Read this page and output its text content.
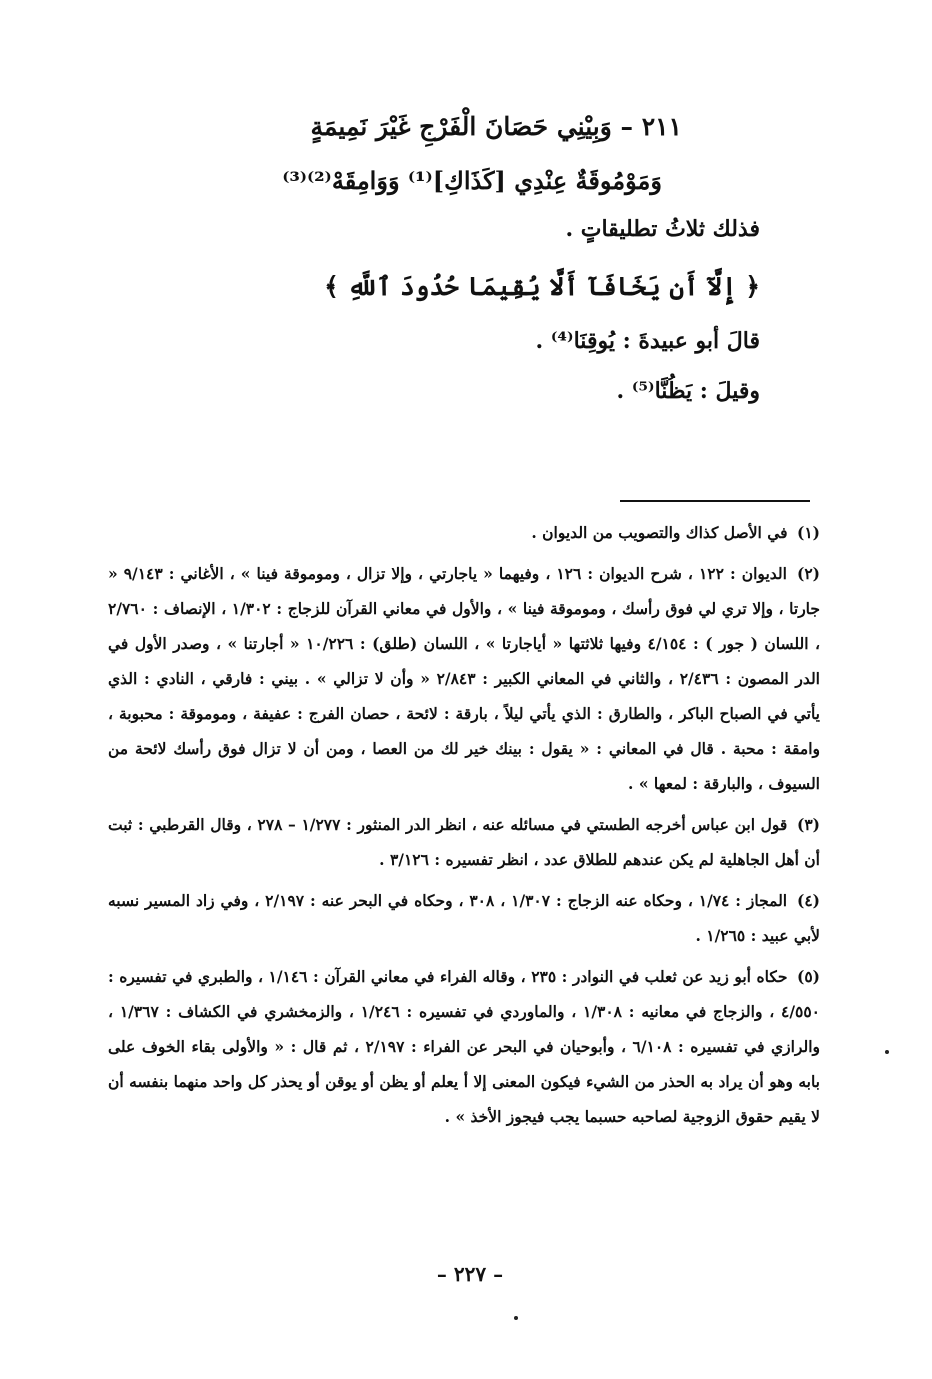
٢١١ – وَبِيْنِي حَصَانَ الْفَرْجِ غَيْرَ نَمِيمَةٍ
وَمَوْمُوقَةٌ عِنْدِي [كَذَاكِ]⁽¹⁾ وَوَامِقَهْ⁽²⁾⁽³⁾
فذلك ثلاثُ تطليقاتٍ .
﴿ إِلَّآ أَن يَخَافَآ أَلَّا يُقِيمَا حُدُودَ ٱللَّهِ ﴾
قالَ أبو عبيدةَ : يُوقِنَا⁽⁴⁾ .
وقيلَ : يَظُنَّا⁽⁵⁾ .

(١) في الأصل كذاك والتصويب من الديوان .

(٢) الديوان : ١٢٢ ، شرح الديوان : ١٢٦ ، وفيهما « ياجارتي ، وإلا تزال ، وموموقة فينا » ، الأغاني : ٩/١٤٣ « جارتا ، وإلا تري لي فوق رأسك ، وموموقة فينا » ، والأول في معاني القرآن للزجاج : ١/٣٠٢ ، الإنصاف : ٢/٧٦٠ ، اللسان ( جور ) : ٤/١٥٤ وفيها ثلاثتها « أياجارتا » ، اللسان (طلق) : ١٠/٢٢٦ « أجارتنا » ، وصدر الأول في الدر المصون : ٢/٤٣٦ ، والثاني في المعاني الكبير : ٢/٨٤٣ « وأن لا تزالي » . بيني : فارقي ، النادي : الذي يأتي في الصباح الباكر ، والطارق : الذي يأتي ليلاً ، بارقة : لائحة ، حصان الفرج : عفيفة ، وموموقة : محبوبة ، وامقة : محبة . قال في المعاني : « يقول : بينك خير لك من العصا ، ومن أن لا تزال فوق رأسك لائحة من السيوف ، والبارقة : لمعها » .

(٣) قول ابن عباس أخرجه الطستي في مسائله عنه ، انظر الدر المنثور : ١/٢٧٧ – ٢٧٨ ، وقال القرطبي : ثبت أن أهل الجاهلية لم يكن عندهم للطلاق عدد ، انظر تفسيره : ٣/١٢٦ .

(٤) المجاز : ١/٧٤ ، وحكاه عنه الزجاج : ١/٣٠٧ ، ٣٠٨ ، وحكاه في البحر عنه : ٢/١٩٧ ، وفي زاد المسير نسبه لأبي عبيد : ١/٢٦٥ .

(٥) حكاه أبو زيد عن ثعلب في النوادر : ٢٣٥ ، وقاله الفراء في معاني القرآن : ١/١٤٦ ، والطبري في تفسيره : ٤/٥٥٠ ، والزجاج في معانيه : ١/٣٠٨ ، والماوردي في تفسيره : ١/٢٤٦ ، والزمخشري في الكشاف : ١/٣٦٧ ، والرازي في تفسيره : ٦/١٠٨ ، وأبوحيان في البحر عن الفراء : ٢/١٩٧ ، ثم قال : « والأولى بقاء الخوف على بابه وهو أن يراد به الحذر من الشيء فيكون المعنى إلا أ يعلم أو يظن أو يوقن أو يحذر كل واحد منهما بنفسه أن لا يقيم حقوق الزوجية لصاحبه حسبما يجب فيجوز الأخذ » .

– ٢٢٧ –
